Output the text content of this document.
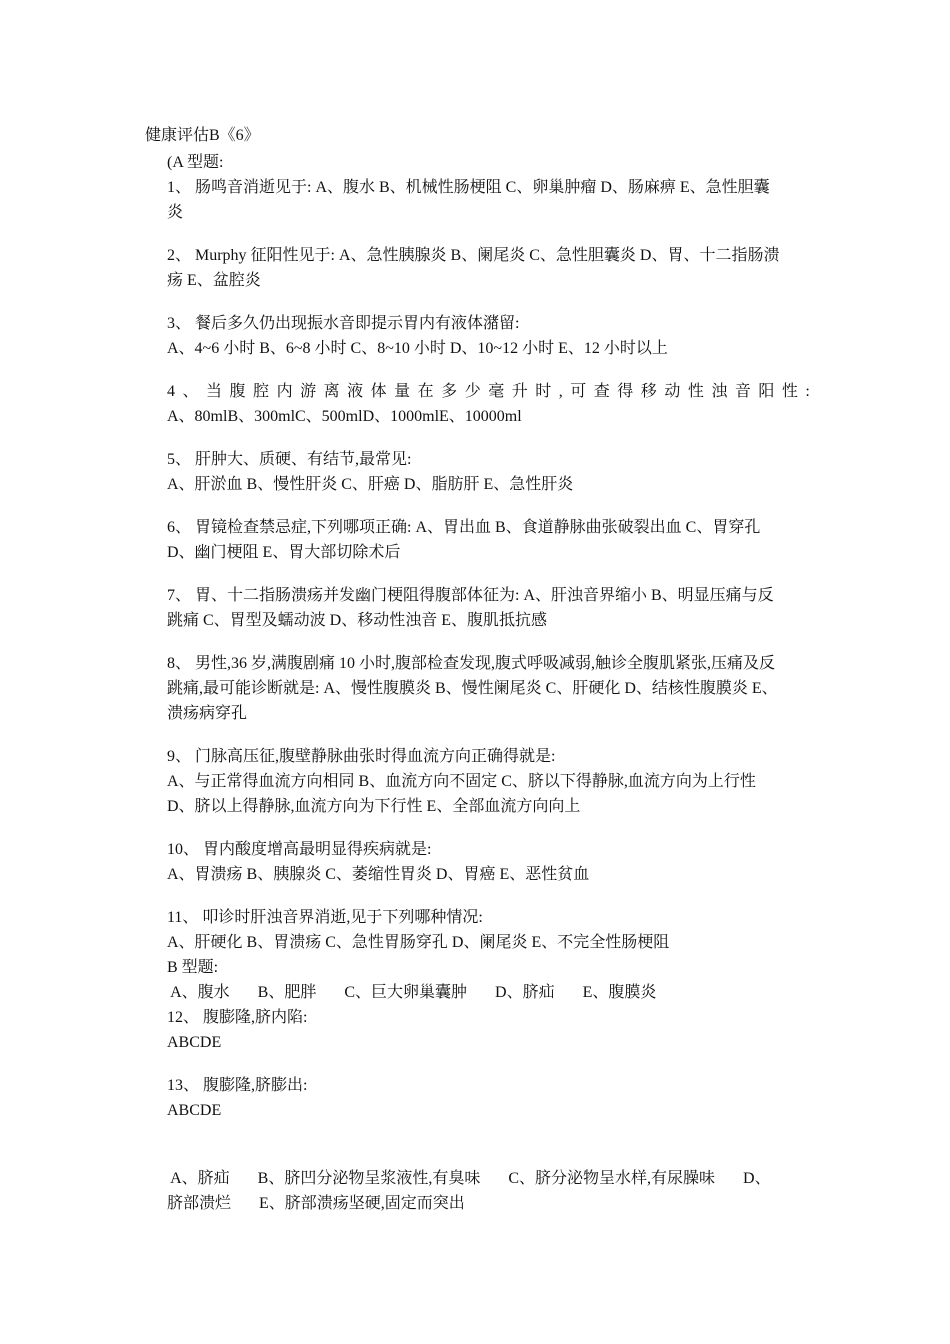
健康评估B《6》
(A 型题:
1、 肠鸣音消逝见于: A、腹水 B、机械性肠梗阻 C、卵巢肿瘤 D、肠麻痹 E、急性胆囊
炎
2、 Murphy 征阳性见于: A、急性胰腺炎 B、阑尾炎 C、急性胆囊炎 D、胃、十二指肠溃
疡 E、盆腔炎
3、 餐后多久仍出现振水音即提示胃内有液体潴留:
A、4~6 小时 B、6~8 小时 C、8~10 小时 D、10~12 小时 E、12 小时以上
4 、 当 腹 腔 内 游 离 液 体 量 在 多 少 毫 升 时 , 可 查 得 移 动 性 浊 音 阳 性 :
A、80mlB、300mlC、500mlD、1000mlE、10000ml
5、 肝肿大、质硬、有结节,最常见:
A、肝淤血 B、慢性肝炎 C、肝癌 D、脂肪肝 E、急性肝炎
6、 胃镜检查禁忌症,下列哪项正确: A、胃出血 B、食道静脉曲张破裂出血 C、胃穿孔
D、幽门梗阻 E、胃大部切除术后
7、 胃、十二指肠溃疡并发幽门梗阻得腹部体征为: A、肝浊音界缩小 B、明显压痛与反
跳痛 C、胃型及蠕动波 D、移动性浊音 E、腹肌抵抗感
8、 男性,36 岁,满腹剧痛 10 小时,腹部检查发现,腹式呼吸减弱,触诊全腹肌紧张,压痛及反
跳痛,最可能诊断就是: A、慢性腹膜炎 B、慢性阑尾炎 C、肝硬化 D、结核性腹膜炎 E、
溃疡病穿孔
9、 门脉高压征,腹壁静脉曲张时得血流方向正确得就是:
A、与正常得血流方向相同 B、血流方向不固定 C、脐以下得静脉,血流方向为上行性
D、脐以上得静脉,血流方向为下行性 E、全部血流方向向上
10、 胃内酸度增高最明显得疾病就是:
A、胃溃疡 B、胰腺炎 C、萎缩性胃炎 D、胃癌 E、恶性贫血
11、 叩诊时肝浊音界消逝,见于下列哪种情况:
A、肝硬化 B、胃溃疡 C、急性胃肠穿孔 D、阑尾炎 E、不完全性肠梗阻
B 型题:
A、腹水       B、肥胖       C、巨大卵巢囊肿       D、脐疝       E、腹膜炎
12、 腹膨隆,脐内陷:
ABCDE
13、 腹膨隆,脐膨出:
ABCDE
A、脐疝       B、脐凹分泌物呈浆液性,有臭味       C、脐分泌物呈水样,有尿臊味       D、
脐部溃烂       E、脐部溃疡坚硬,固定而突出
